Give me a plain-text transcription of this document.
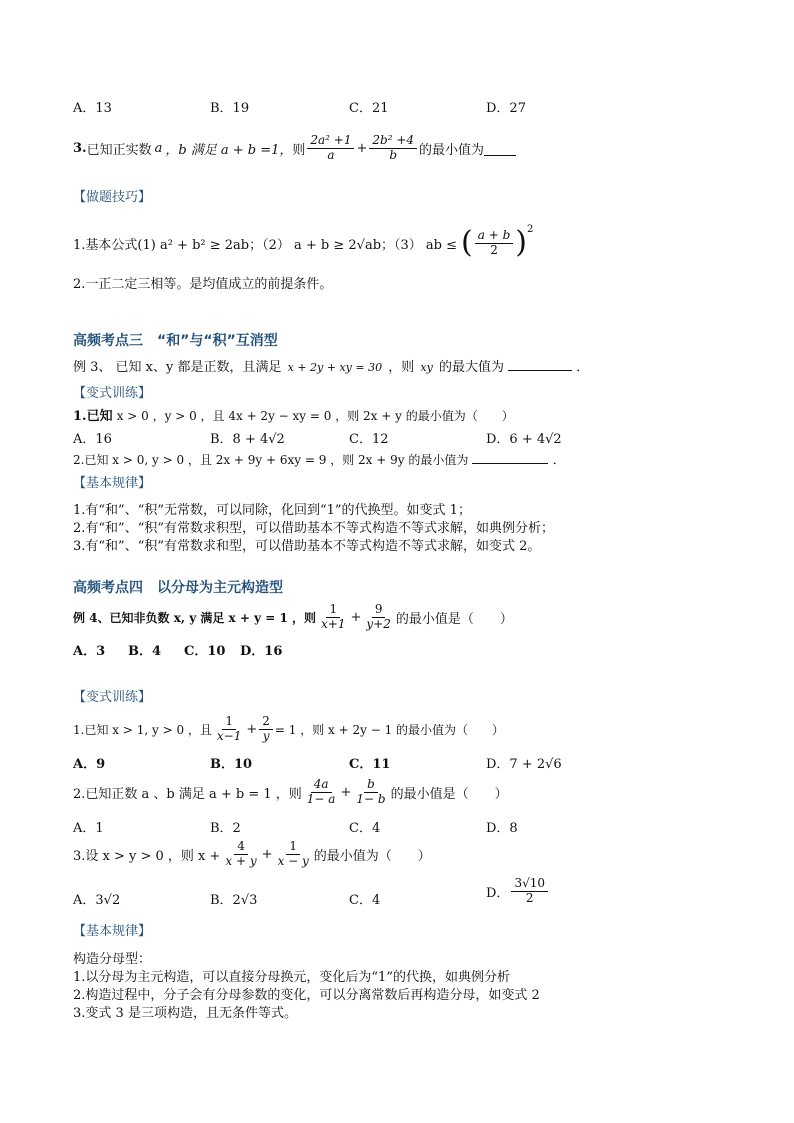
A．13	B．19	C．21	D．27
3. 已知正实数 a ，b 满足 a + b =1， 则 $\frac{\text{2a² +1}}{a} + \frac{\text{2b² +4}}{b}$ 的最小值为
【做题技巧】
1.基本公式(1) a² + b² ≥ 2ab；（2） a + b ≥ 2√ab；（3） ab ≤ ( $\frac{a + b}{2}$ ) 2
2.一正二定三相等。是均值成立的前提条件。
高频考点三　“和”与“积”互消型
例 3、 已知 x、y 都是正数，且满足 x + 2y + xy = 30 ，则 xy 的最大值为	．
【变式训练】
1.已知 x > 0 ，y > 0 ，且 4x + 2y − xy = 0 ，则 2x + y 的最小值为（　　）
A．16	B．8 + 4√2	C．12	D．6 + 4√2
2.已知 x > 0, y > 0 ，且 2x + 9y + 6xy = 9 ，则 2x + 9y 的最小值为	．
【基本规律】
1.有“和”、“积”无常数，可以同除，化回到“1”的代换型。如变式 1；
2.有“和”、“积”有常数求积型，可以借助基本不等式构造不等式求解，如典例分析；
3.有“和”、“积”有常数求和型，可以借助基本不等式构造不等式求解，如变式 2。
高频考点四　以分母为主元构造型
例 4、已知非负数 x, y 满足 x + y = 1 ，则 $\frac{1}{x+1} + \frac{9}{y+2}$ 的最小值是（　　）
A．3 B．4 C．10 D．16
【变式训练】
1.已知 x > 1, y > 0 ，且 $\frac{1}{x-1} + \frac{2}{y} = 1$ ，则 x + 2y − 1 的最小值为（　　）
A．9	B．10	C．11	D．7 + 2√6
2.已知正数 a 、b 满足 a + b = 1 ，则 $\frac{4a}{1- a} + \frac{b}{1- b}$ 的最小值是（　　）
A．1	B．2	C．4	D．8
3.设 x > y > 0 ，则 $x + \frac{4}{x + y} + \frac{1}{x - y}$ 的最小值为（　　）
A．3√2	B．2√3	C．4	D． $\frac{3√10}{2}$
【基本规律】
构造分母型：
1.以分母为主元构造，可以直接分母换元，变化后为“1”的代换，如典例分析
2.构造过程中，分子会有分母参数的变化，可以分离常数后再构造分母，如变式 2
3.变式 3 是三项构造，且无条件等式。
